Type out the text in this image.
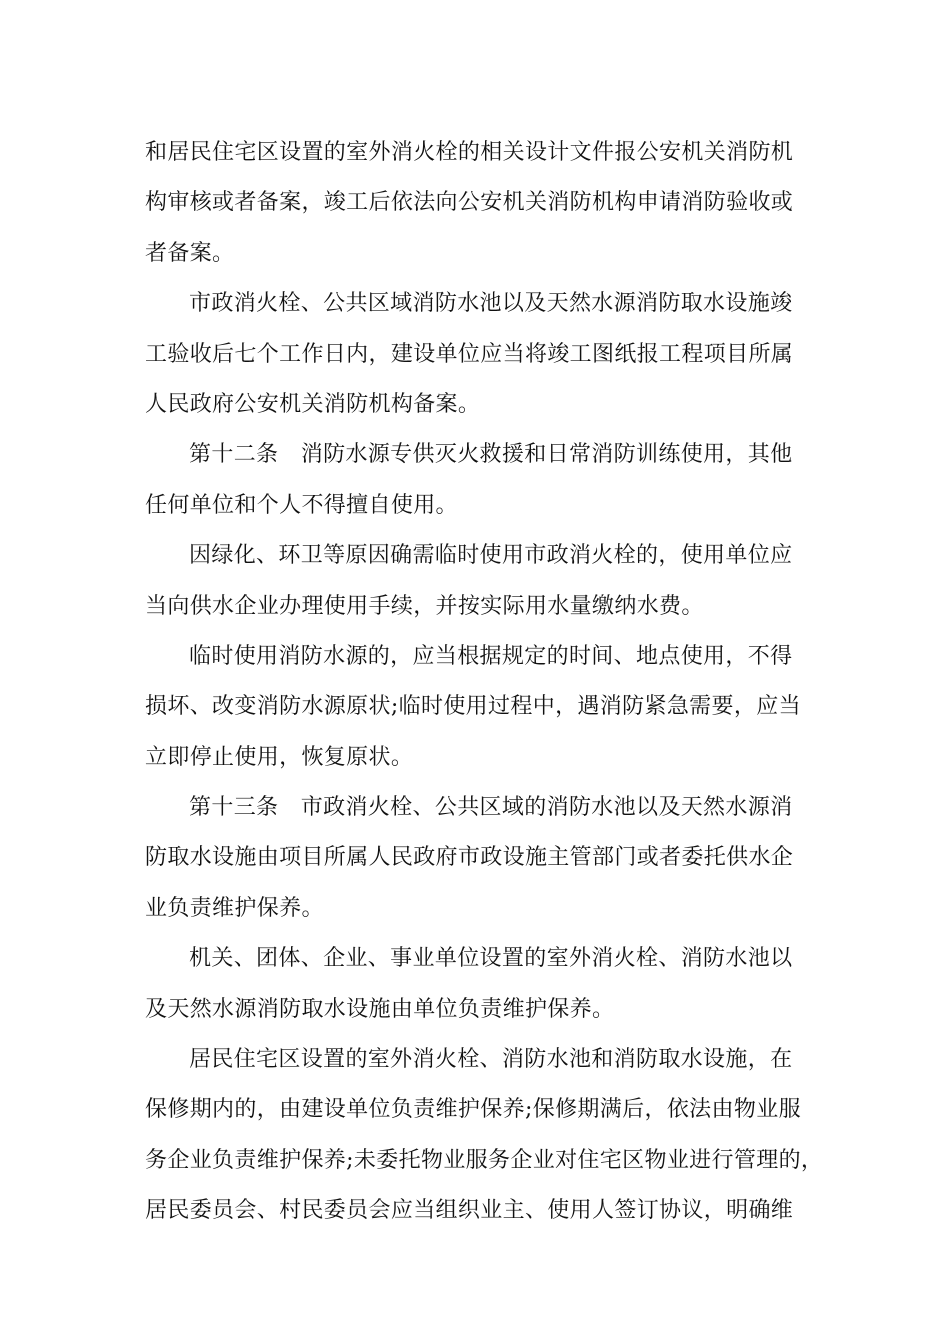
和居民住宅区设置的室外消火栓的相关设计文件报公安机关消防机
构审核或者备案，竣工后依法向公安机关消防机构申请消防验收或
者备案。
市政消火栓、公共区域消防水池以及天然水源消防取水设施竣
工验收后七个工作日内，建设单位应当将竣工图纸报工程项目所属
人民政府公安机关消防机构备案。
第十二条　消防水源专供灭火救援和日常消防训练使用，其他
任何单位和个人不得擅自使用。
因绿化、环卫等原因确需临时使用市政消火栓的，使用单位应
当向供水企业办理使用手续，并按实际用水量缴纳水费。
临时使用消防水源的，应当根据规定的时间、地点使用，不得
损坏、改变消防水源原状;临时使用过程中，遇消防紧急需要，应当
立即停止使用，恢复原状。
第十三条　市政消火栓、公共区域的消防水池以及天然水源消
防取水设施由项目所属人民政府市政设施主管部门或者委托供水企
业负责维护保养。
机关、团体、企业、事业单位设置的室外消火栓、消防水池以
及天然水源消防取水设施由单位负责维护保养。
居民住宅区设置的室外消火栓、消防水池和消防取水设施，在
保修期内的，由建设单位负责维护保养;保修期满后，依法由物业服
务企业负责维护保养;未委托物业服务企业对住宅区物业进行管理的，
居民委员会、村民委员会应当组织业主、使用人签订协议，明确维
